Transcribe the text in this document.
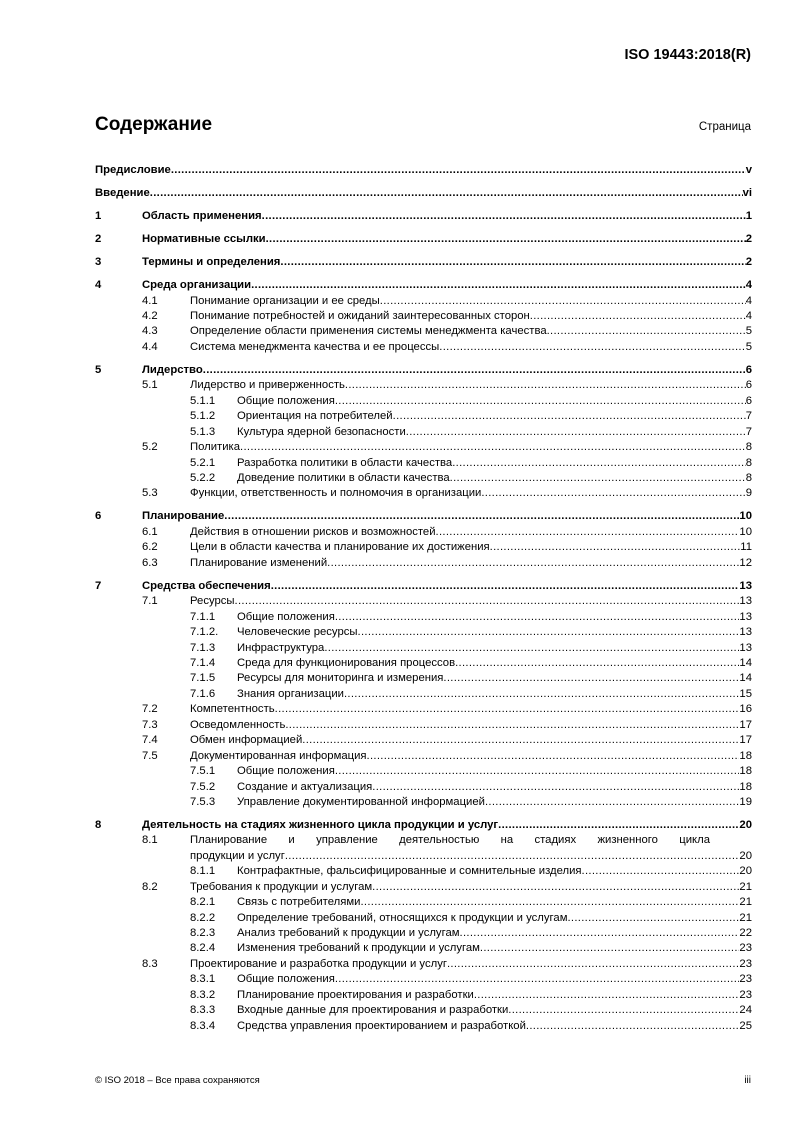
ISO 19443:2018(R)
Содержание	Страница
Предисловие .....	v
Введение .....	vi
1	Область применения .....	1
2	Нормативные ссылки .....	2
3	Термины и определения .....	2
4	Среда организации .....	4
4.1	Понимание организации и ее среды .....	4
4.2	Понимание потребностей и ожиданий заинтересованных сторон .....	4
4.3	Определение области применения системы менеджмента качества .....	5
4.4	Система менеджмента качества и ее процессы .....	5
5	Лидерство .....	6
5.1	Лидерство и приверженность .....	6
5.1.1	Общие положения .....	6
5.1.2	Ориентация на потребителей .....	7
5.1.3	Культура ядерной безопасности .....	7
5.2	Политика .....	8
5.2.1	Разработка политики в области качества .....	8
5.2.2	Доведение политики в области качества .....	8
5.3	Функции, ответственность и полномочия в организации .....	9
6	Планирование .....	10
6.1	Действия в отношении рисков и возможностей .....	10
6.2	Цели в области качества и планирование их достижения .....	11
6.3	Планирование изменений .....	12
7	Средства обеспечения .....	13
7.1	Ресурсы .....	13
7.1.1	Общие положения .....	13
7.1.2.	Человеческие ресурсы .....	13
7.1.3	Инфраструктура .....	13
7.1.4	Среда для функционирования процессов .....	14
7.1.5	Ресурсы для мониторинга и измерения .....	14
7.1.6	Знания организации .....	15
7.2	Компетентность .....	16
7.3	Осведомленность .....	17
7.4	Обмен информацией .....	17
7.5	Документированная информация .....	18
7.5.1	Общие положения .....	18
7.5.2	Создание и актуализация .....	18
7.5.3	Управление документированной информацией .....	19
8	Деятельность на стадиях жизненного цикла продукции и услуг .....	20
8.1	Планирование и управление деятельностью на стадиях жизненного цикла
продукции и услуг .....	20
8.1.1	Контрафактные, фальсифицированные и сомнительные изделия .....	20
8.2	Требования к продукции и услугам .....	21
8.2.1	Связь с потребителями .....	21
8.2.2	Определение требований, относящихся к продукции и услугам .....	21
8.2.3	Анализ требований к продукции и услугам .....	22
8.2.4	Изменения требований к продукции и услугам .....	23
8.3	Проектирование и разработка продукции и услуг .....	23
8.3.1	Общие положения .....	23
8.3.2	Планирование проектирования и разработки .....	23
8.3.3	Входные данные для проектирования и разработки .....	24
8.3.4	Средства управления проектированием и разработкой .....	25
© ISO 2018 – Все права сохраняются	iii
